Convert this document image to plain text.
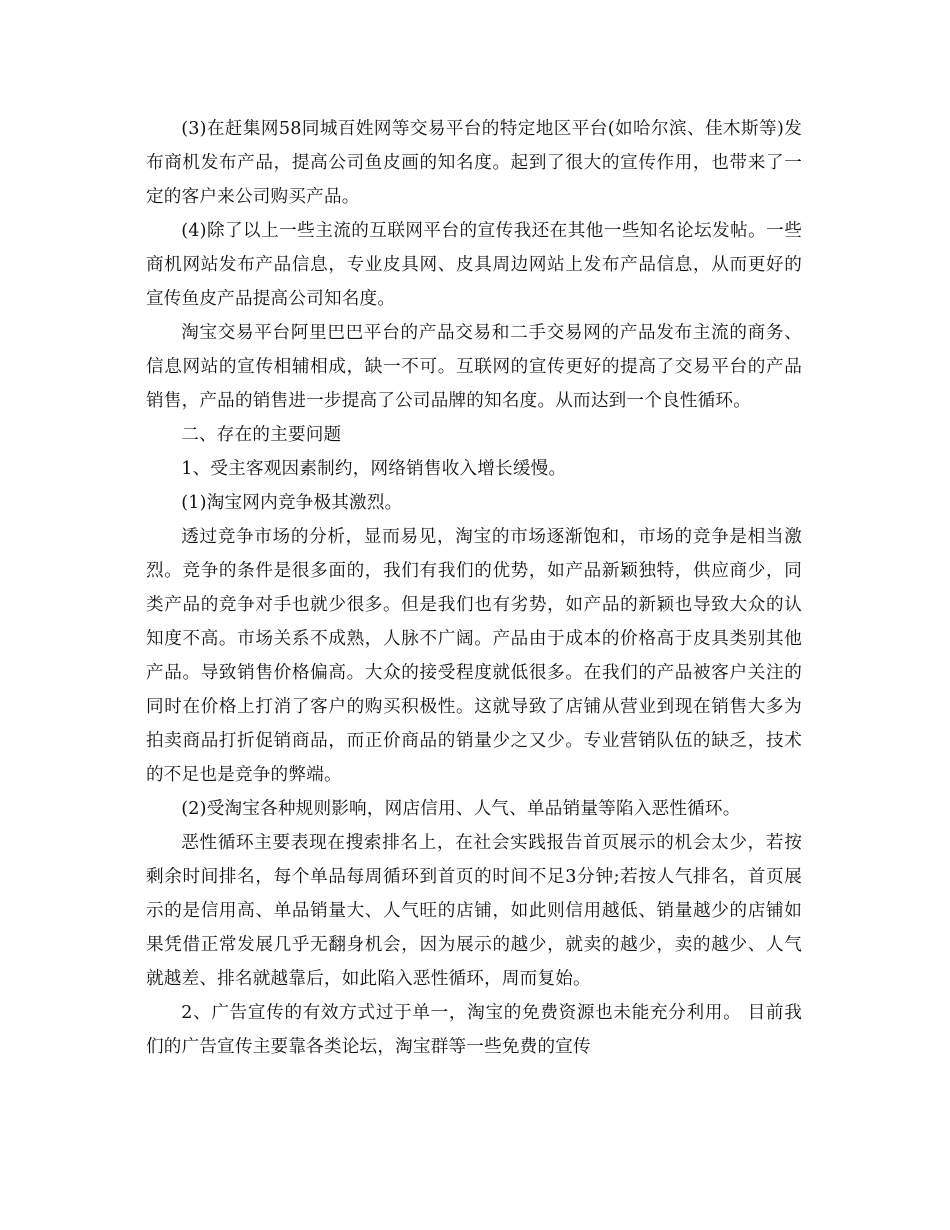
(3)在赶集网58同城百姓网等交易平台的特定地区平台(如哈尔滨、佳木斯等)发布商机发布产品，提高公司鱼皮画的知名度。起到了很大的宣传作用，也带来了一定的客户来公司购买产品。

(4)除了以上一些主流的互联网平台的宣传我还在其他一些知名论坛发帖。一些商机网站发布产品信息，专业皮具网、皮具周边网站上发布产品信息，从而更好的宣传鱼皮产品提高公司知名度。

淘宝交易平台阿里巴巴平台的产品交易和二手交易网的产品发布主流的商务、信息网站的宣传相辅相成，缺一不可。互联网的宣传更好的提高了交易平台的产品销售，产品的销售进一步提高了公司品牌的知名度。从而达到一个良性循环。

二、存在的主要问题

1、受主客观因素制约，网络销售收入增长缓慢。

(1)淘宝网内竞争极其激烈。

透过竞争市场的分析，显而易见，淘宝的市场逐渐饱和，市场的竞争是相当激烈。竞争的条件是很多面的，我们有我们的优势，如产品新颖独特，供应商少，同类产品的竞争对手也就少很多。但是我们也有劣势，如产品的新颖也导致大众的认知度不高。市场关系不成熟，人脉不广阔。产品由于成本的价格高于皮具类别其他产品。导致销售价格偏高。大众的接受程度就低很多。在我们的产品被客户关注的同时在价格上打消了客户的购买积极性。这就导致了店铺从营业到现在销售大多为拍卖商品打折促销商品，而正价商品的销量少之又少。专业营销队伍的缺乏，技术的不足也是竞争的弊端。

(2)受淘宝各种规则影响，网店信用、人气、单品销量等陷入恶性循环。

恶性循环主要表现在搜索排名上，在社会实践报告首页展示的机会太少，若按剩余时间排名，每个单品每周循环到首页的时间不足3分钟;若按人气排名，首页展示的是信用高、单品销量大、人气旺的店铺，如此则信用越低、销量越少的店铺如果凭借正常发展几乎无翻身机会，因为展示的越少，就卖的越少，卖的越少、人气就越差、排名就越靠后，如此陷入恶性循环，周而复始。

2、广告宣传的有效方式过于单一，淘宝的免费资源也未能充分利用。 目前我们的广告宣传主要靠各类论坛，淘宝群等一些免费的宣传
